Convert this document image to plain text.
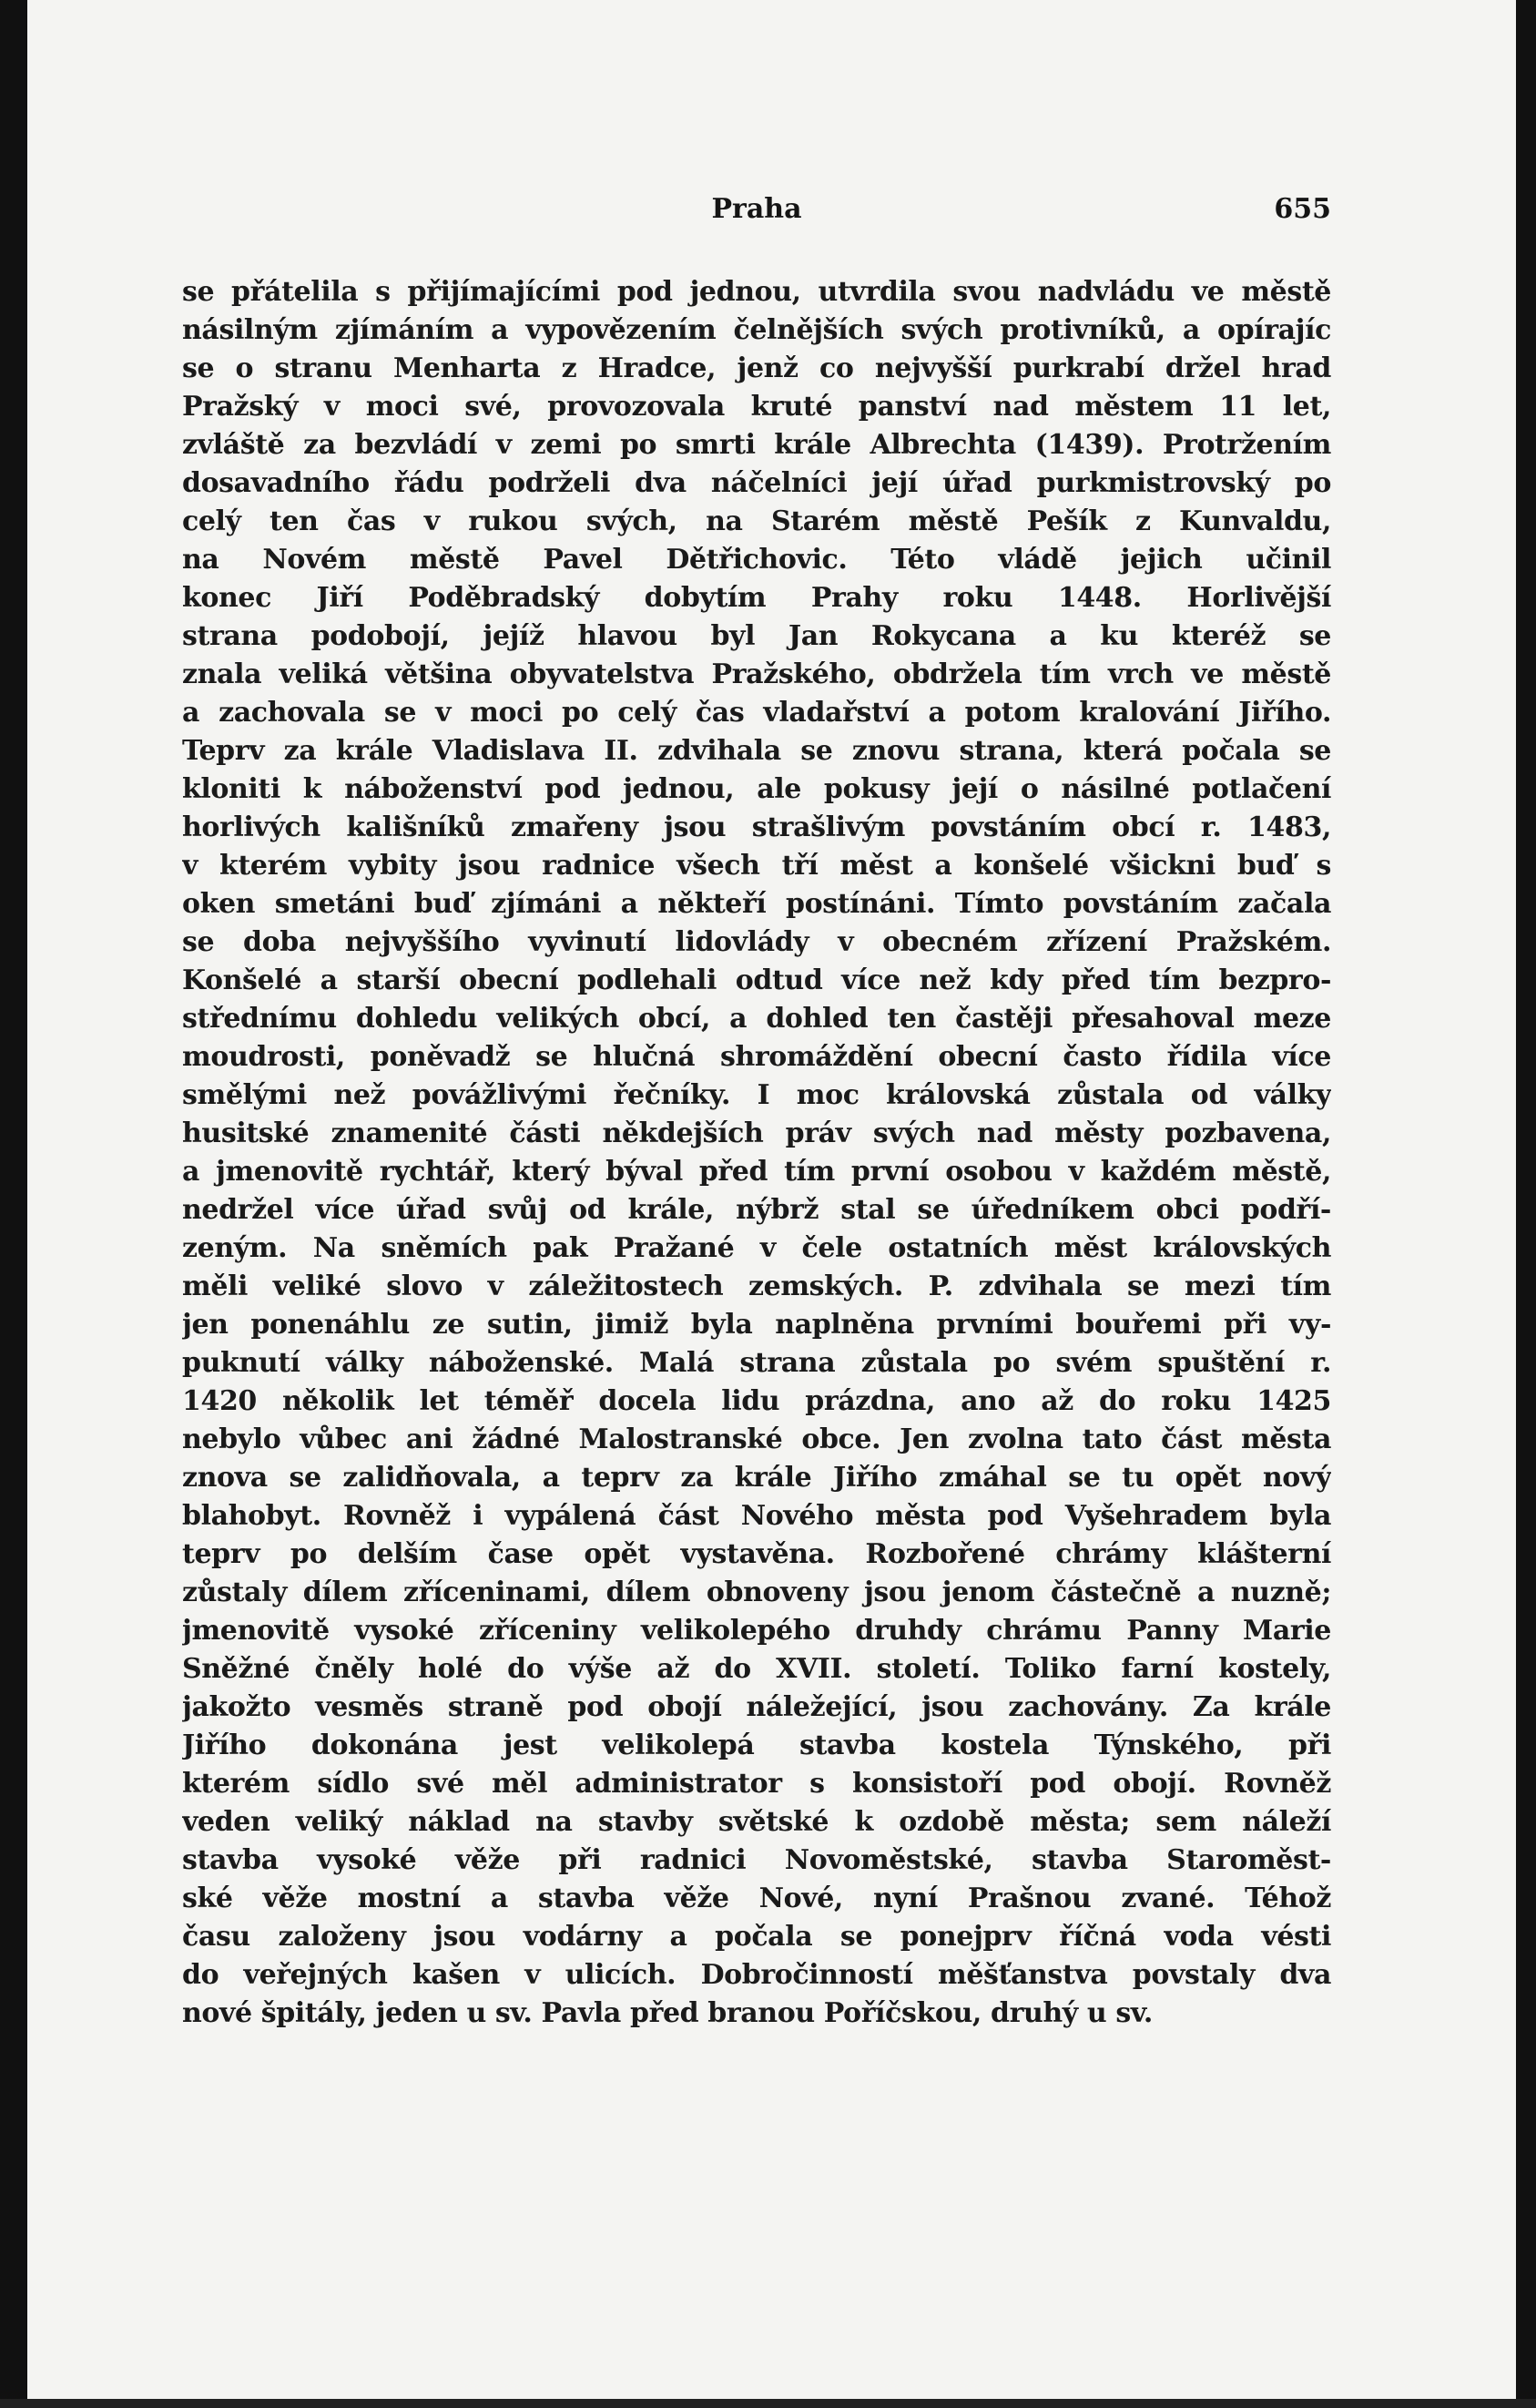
Praha	655
se přátelila s přijímajícími pod jednou, utvrdila svou nadvládu ve městě
násilným zjímáním a vypovězením čelnějších svých protivníků, a opírajíc
se o stranu Menharta z Hradce, jenž co nejvyšší purkrabí držel hrad
Pražský v moci své, provozovala kruté panství nad městem 11 let,
zvláště za bezvládí v zemi po smrti krále Albrechta (1439). Protržením
dosavadního řádu podrželi dva náčelníci její úřad purkmistrovský po
celý ten čas v rukou svých, na Starém městě Pešík z Kunvaldu,
na Novém městě Pavel Dětřichovic. Této vládě jejich učinil
konec Jiří Poděbradský dobytím Prahy roku 1448. Horlivější
strana podobojí, jejíž hlavou byl Jan Rokycana a ku kteréž se
znala veliká většina obyvatelstva Pražského, obdržela tím vrch ve městě
a zachovala se v moci po celý čas vladařství a potom kralování Jiřího.
Teprv za krále Vladislava II. zdvihala se znovu strana, která počala se
kloniti k náboženství pod jednou, ale pokusy její o násilné potlačení
horlivých kališníků zmařeny jsou strašlivým povstáním obcí r. 1483,
v kterém vybity jsou radnice všech tří měst a konšelé všickni buď s
oken smetáni buď zjímáni a někteří postínáni. Tímto povstáním začala
se doba nejvyššího vyvinutí lidovlády v obecném zřízení Pražském.
Konšelé a starší obecní podlehali odtud více než kdy před tím bezpro-
střednímu dohledu velikých obcí, a dohled ten častěji přesahoval meze
moudrosti, poněvadž se hlučná shromáždění obecní často řídila více
smělými než povážlivými řečníky. I moc královská zůstala od války
husitské znamenité části někdejších práv svých nad městy pozbavena,
a jmenovitě rychtář, který býval před tím první osobou v každém městě,
nedržel více úřad svůj od krále, nýbrž stal se úředníkem obci podří-
zeným. Na sněmích pak Pražané v čele ostatních měst královských
měli veliké slovo v záležitostech zemských. P. zdvihala se mezi tím
jen ponenáhlu ze sutin, jimiž byla naplněna prvními bouřemi při vy-
puknutí války náboženské. Malá strana zůstala po svém spuštění r.
1420 několik let téměř docela lidu prázdna, ano až do roku 1425
nebylo vůbec ani žádné Malostranské obce. Jen zvolna tato část města
znova se zalidňovala, a teprv za krále Jiřího zmáhal se tu opět nový
blahobyt. Rovněž i vypálená část Nového města pod Vyšehradem byla
teprv po delším čase opět vystavěna. Rozbořené chrámy klášterní
zůstaly dílem zříceninami, dílem obnoveny jsou jenom částečně a nuzně;
jmenovitě vysoké zříceniny velikolepého druhdy chrámu Panny Marie
Sněžné čněly holé do výše až do XVII. století. Toliko farní kostely,
jakožto vesměs straně pod obojí náležející, jsou zachovány. Za krále
Jiřího dokonána jest velikolepá stavba kostela Týnského, při
kterém sídlo své měl administrator s konsistoří pod obojí. Rovněž
veden veliký náklad na stavby světské k ozdobě města; sem náleží
stavba vysoké věže při radnici Novoměstské, stavba Staroměst-
ské věže mostní a stavba věže Nové, nyní Prašnou zvané. Téhož
času založeny jsou vodárny a počala se ponejprv říčná voda vésti
do veřejných kašen v ulicích. Dobročinností měšťanstva povstaly dva
nové špitály, jeden u sv. Pavla před branou Poříčskou, druhý u sv.
